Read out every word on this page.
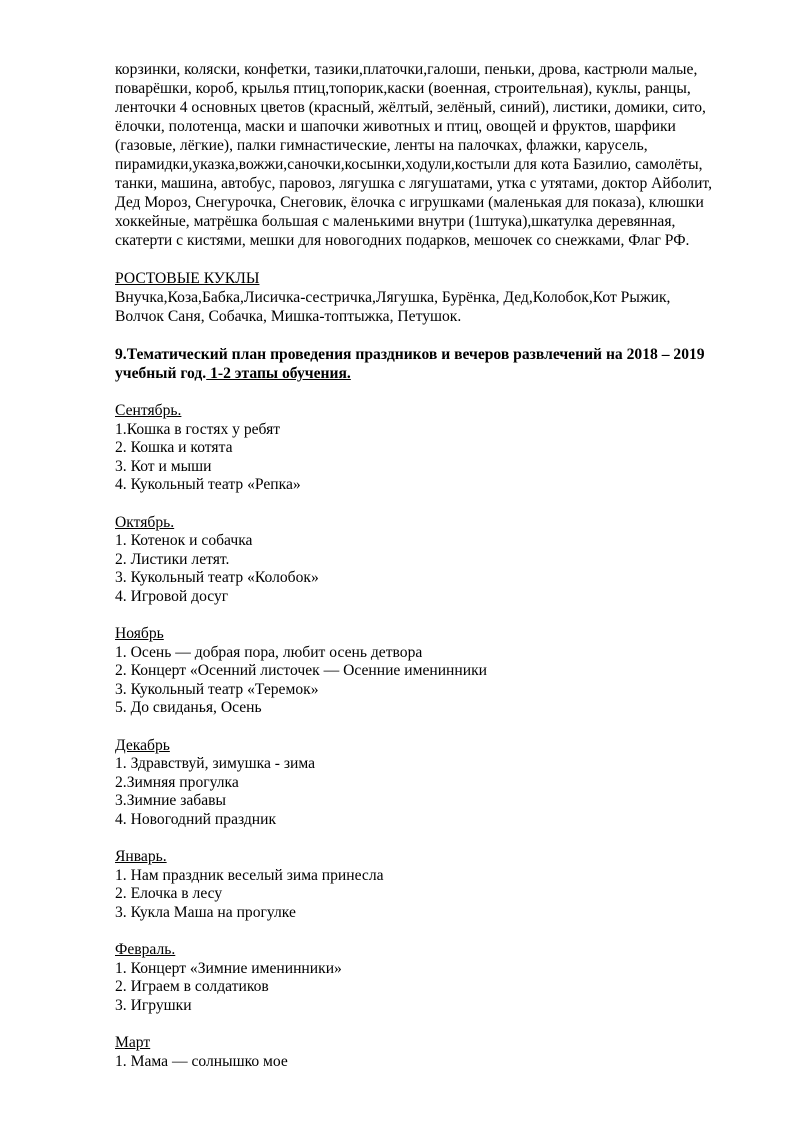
корзинки, коляски, конфетки, тазики,платочки,галоши, пеньки, дрова, кастрюли малые,

поварёшки, короб, крылья птиц,топорик,каски (военная, строительная), куклы, ранцы,

ленточки 4 основных цветов (красный, жёлтый, зелёный, синий), листики, домики, сито,

ёлочки, полотенца, маски и шапочки животных и птиц, овощей и фруктов, шарфики

(газовые, лёгкие), палки гимнастические, ленты на палочках, флажки, карусель,

пирамидки,указка,вожжи,саночки,косынки,ходули,костыли для кота Базилио, самолёты,

танки, машина, автобус, паровоз, лягушка с лягушатами, утка с утятами, доктор Айболит,

Дед Мороз, Снегурочка, Снеговик, ёлочка с игрушками (маленькая для показа), клюшки

хоккейные, матрёшка большая с маленькими внутри (1штука),шкатулка деревянная,

скатерти с кистями, мешки для новогодних подарков, мешочек со снежками, Флаг РФ.

РОСТОВЫЕ КУКЛЫ

Внучка,Коза,Бабка,Лисичка-сестричка,Лягушка, Бурёнка, Дед,Колобок,Кот Рыжик,

Волчок Саня, Собачка, Мишка-топтыжка, Петушок.

9.Тематический план проведения праздников и вечеров развлечений на 2018 – 2019

учебный год. 1-2 этапы обучения.

Сентябрь.

1.Кошка в гостях у ребят

2. Кошка и котята

3. Кот и мыши

4. Кукольный театр «Репка»

Октябрь.

1. Котенок и собачка

2. Листики летят.

3. Кукольный театр «Колобок»

4. Игровой досуг

Ноябрь

1. Осень — добрая пора, любит осень детвора

2. Концерт «Осенний листочек — Осенние именинники

3. Кукольный театр «Теремок»

5. До свиданья, Осень

Декабрь

1. Здравствуй, зимушка - зима

2.Зимняя прогулка

3.Зимние забавы

4. Новогодний праздник

Январь.

1. Нам праздник веселый зима принесла

2. Елочка в лесу

3. Кукла Маша на прогулке

Февраль.

1. Концерт «Зимние именинники»

2. Играем в солдатиков

3. Игрушки

Март

1. Мама — солнышко мое
